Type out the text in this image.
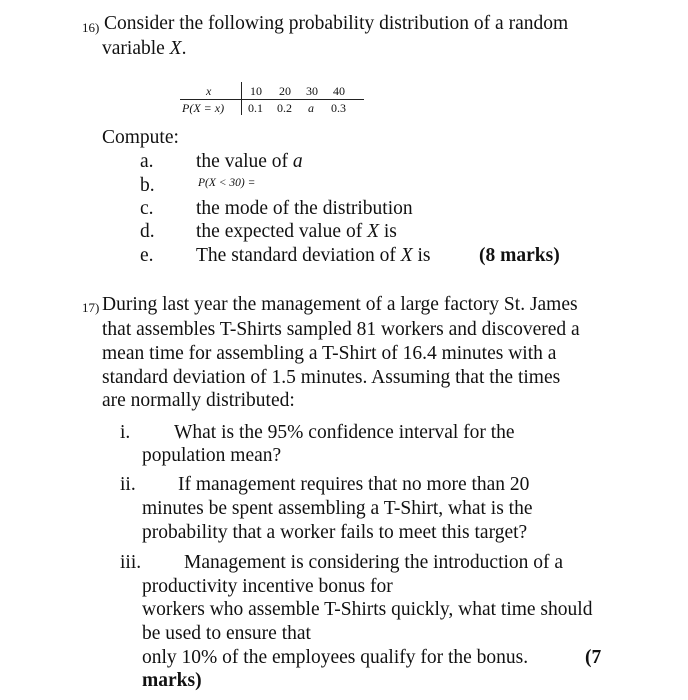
16) Consider the following probability distribution of a random
variable X.
x
P(X = x)
10 20 30 40
0.1 0.2 a 0.3
Compute:
a. the value of a
b.	P(X < 30) =
c. the mode of the distribution
d. the expected value of X is
e. The standard deviation of X is (8 marks)
17) During last year the management of a large factory St. James
that assembles T-Shirts sampled 81 workers and discovered a
mean time for assembling a T-Shirt of 16.4 minutes with a
standard deviation of 1.5 minutes. Assuming that the times
are normally distributed:
i. What is the 95% confidence interval for the
population mean?
ii. If management requires that no more than 20
minutes be spent assembling a T-Shirt, what is the
probability that a worker fails to meet this target?
iii. Management is considering the introduction of a
productivity incentive bonus for
workers who assemble T-Shirts quickly, what time should
be used to ensure that
only 10% of the employees qualify for the bonus.	(7
marks)
